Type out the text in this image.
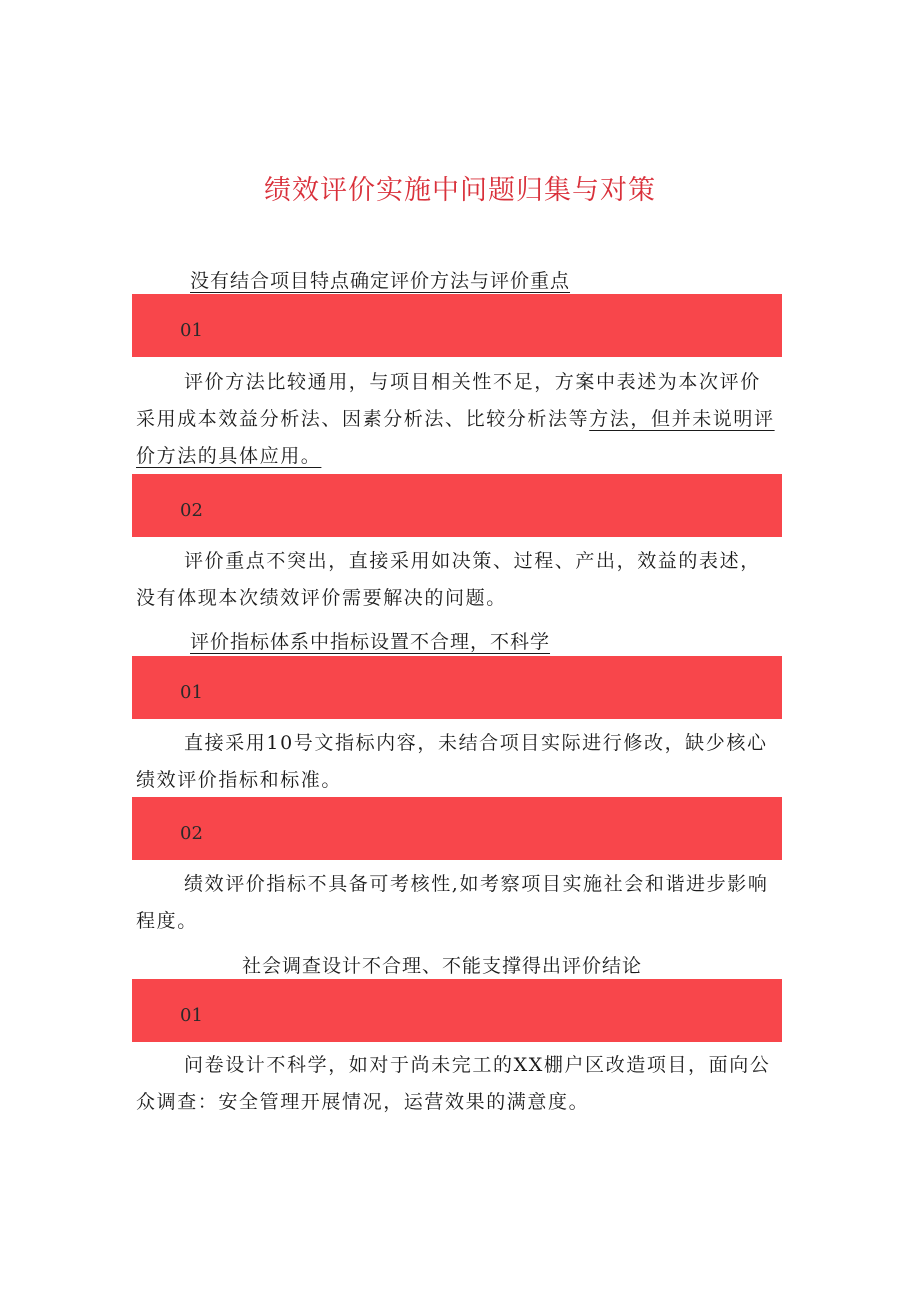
绩效评价实施中问题归集与对策
没有结合项目特点确定评价方法与评价重点
01
评价方法比较通用，与项目相关性不足，方案中表述为本次评价采用成本效益分析法、因素分析法、比较分析法等方法，但并未说明评价方法的具体应用。
02
评价重点不突出，直接采用如决策、过程、产出，效益的表述，没有体现本次绩效评价需要解决的问题。
评价指标体系中指标设置不合理，不科学
01
直接采用10号文指标内容，未结合项目实际进行修改，缺少核心绩效评价指标和标准。
02
绩效评价指标不具备可考核性,如考察项目实施社会和谐进步影响程度。
社会调查设计不合理、不能支撑得出评价结论
01
问卷设计不科学，如对于尚未完工的XX棚户区改造项目，面向公众调查：安全管理开展情况，运营效果的满意度。
